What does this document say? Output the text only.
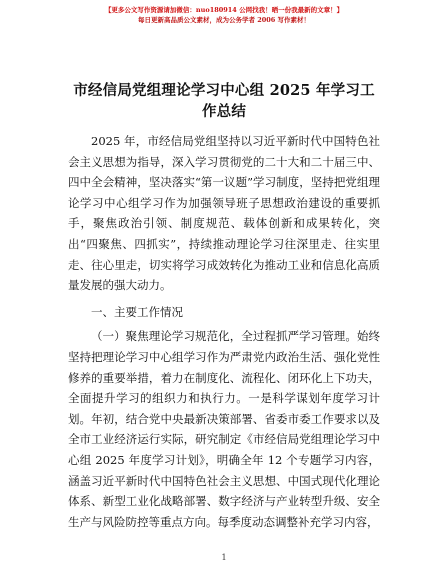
【更多公文写作资源请加微信：nuo180914 公网找我！晒一份我最新的文章！】
每日更新高品质公文素材，成为公务学者 2006 写作素材！
市经信局党组理论学习中心组 2025 年学习工作总结

2025 年，市经信局党组坚持以习近平新时代中国特色社会主义思想为指导，深入学习贯彻党的二十大和二十届三中、四中全会精神，坚决落实“第一议题”学习制度，坚持把党组理论学习中心组学习作为加强领导班子思想政治建设的重要抓手，聚焦政治引领、制度规范、载体创新和成果转化，突出“四聚焦、四抓实”，持续推动理论学习往深里走、往实里走、往心里走，切实将学习成效转化为推动工业和信息化高质量发展的强大动力。

一、主要工作情况

（一）聚焦理论学习规范化，全过程抓严学习管理。始终坚持把理论学习中心组学习作为严肃党内政治生活、强化党性修养的重要举措，着力在制度化、流程化、闭环化上下功夫，全面提升学习的组织力和执行力。一是科学谋划年度学习计划。年初，结合党中央最新决策部署、省委市委工作要求以及全市工业经济运行实际，研究制定《市经信局党组理论学习中心组 2025 年度学习计划》，明确全年 12 个专题学习内容，涵盖习近平新时代中国特色社会主义思想、中国式现代化理论体系、新型工业化战略部署、数字经济与产业转型升级、安全生产与风险防控等重点方向。每季度动态调整补充学习内容，

1
